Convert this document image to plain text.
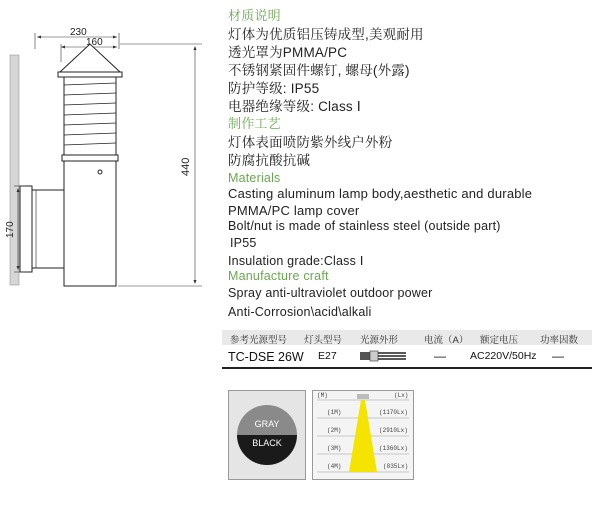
230
160
440
170
材质说明
灯体为优质铝压铸成型,美观耐用
透光罩为PMMA/PC
不锈钢紧固件螺钉, 螺母(外露)
防护等级: IP55
电器绝缘等级: Class Ⅰ
制作工艺
灯体表面喷防紫外线户外粉
防腐抗酸抗碱
Materials
Casting aluminum lamp body,aesthetic and durable
PMMA/PC lamp cover
Bolt/nut is made of stainless steel (outside part)
IP55
Insulation grade:Class Ⅰ
Manufacture craft
Spray anti-ultraviolet outdoor power
Anti-Corrosion\acid\alkali
参考光源型号 灯头型号 光源外形	电流（A） 额定电压 功率因数
TC-DSE 26W E27	— AC220V/50Hz —
GRAY
BLACK
(M)	(Lx)
(1M)	(1170Lx)
(2M)	(2910Lx)
(3M)	(1360Lx)
(4M)	(835Lx)
